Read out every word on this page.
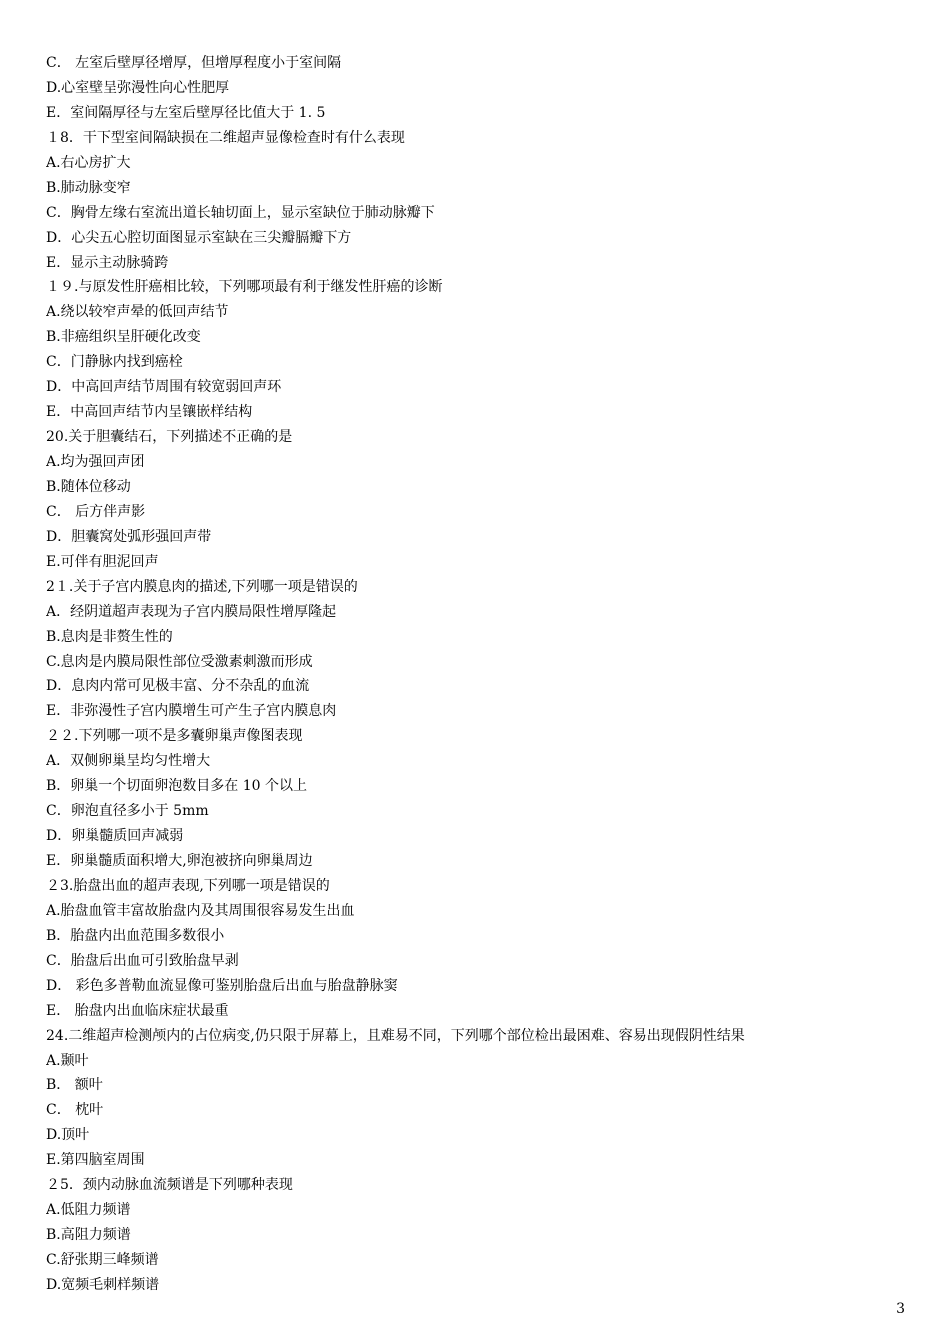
C． 左室后壁厚径增厚，但增厚程度小于室间隔
D.心室壁呈弥漫性向心性肥厚
E．室间隔厚径与左室后壁厚径比值大于 1. 5
１8．干下型室间隔缺损在二维超声显像检查时有什么表现
A.右心房扩大
B.肺动脉变窄
C．胸骨左缘右室流出道长轴切面上，显示室缺位于肺动脉瓣下
D．心尖五心腔切面图显示室缺在三尖瓣膈瓣下方
E．显示主动脉骑跨
１９.与原发性肝癌相比较，下列哪项最有利于继发性肝癌的诊断
A.绕以较窄声晕的低回声结节
B.非癌组织呈肝硬化改变
C．门静脉内找到癌栓
D．中高回声结节周围有较宽弱回声环
E．中高回声结节内呈镶嵌样结构
20.关于胆囊结石，下列描述不正确的是
A.均为强回声团
B.随体位移动
C． 后方伴声影
D．胆囊窝处弧形强回声带
E.可伴有胆泥回声
2１.关于子宫内膜息肉的描述,下列哪一项是错误的
A．经阴道超声表现为子宫内膜局限性增厚隆起
B.息肉是非赘生性的
C.息肉是内膜局限性部位受激素刺激而形成
D．息肉内常可见极丰富、分不杂乱的血流
E．非弥漫性子宫内膜增生可产生子宫内膜息肉
２２.下列哪一项不是多囊卵巢声像图表现
A．双侧卵巢呈均匀性增大
B．卵巢一个切面卵泡数目多在 10 个以上
C．卵泡直径多小于 5mm
D．卵巢髓质回声减弱
E．卵巢髓质面积增大,卵泡被挤向卵巢周边
２3.胎盘出血的超声表现,下列哪一项是错误的
A.胎盘血管丰富故胎盘内及其周围很容易发生出血
B．胎盘内出血范围多数很小
C．胎盘后出血可引致胎盘早剥
D． 彩色多普勒血流显像可鉴别胎盘后出血与胎盘静脉窦
E． 胎盘内出血临床症状最重
24.二维超声检测颅内的占位病变,仍只限于屏幕上，且难易不同，下列哪个部位检出最困难、容易出现假阴性结果
A.颞叶
B． 额叶
C． 枕叶
D.顶叶
E.第四脑室周围
２5．颈内动脉血流频谱是下列哪种表现
A.低阻力频谱
B.高阻力频谱
C.舒张期三峰频谱
D.宽频毛刺样频谱
3
